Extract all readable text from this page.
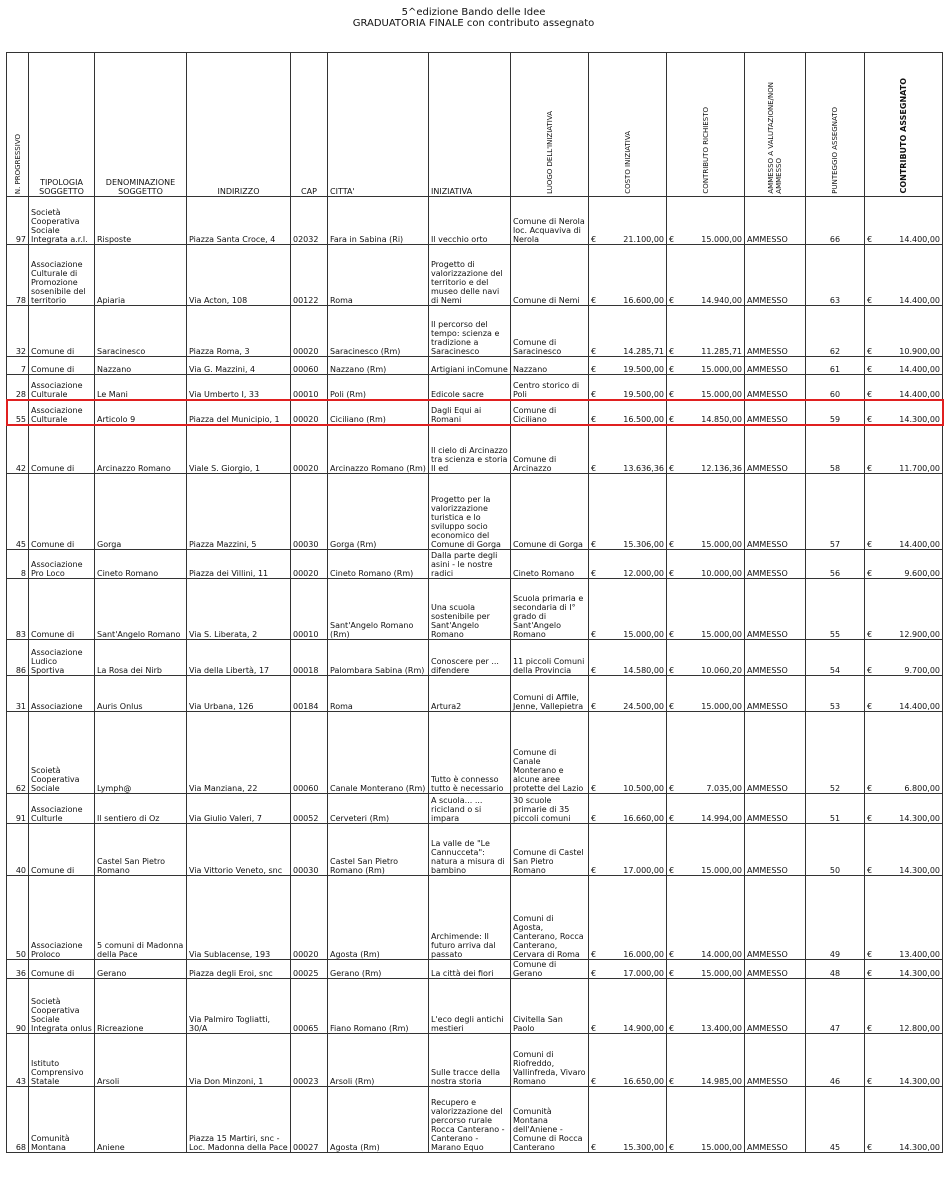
5^edizione Bando delle Idee
GRADUATORIA FINALE con contributo assegnato
N. PROGRESSIVO	TIPOLOGIA SOGGETTO	DENOMINAZIONE SOGGETTO	INDIRIZZO	CAP	CITTA'	INIZIATIVA	LUOGO DELL'INIZIATIVA	COSTO INIZIATIVA	CONTRIBUTO RICHIESTO	AMMESSO A VALUTAZIONE/NON AMMESSO	PUNTEGGIO ASSEGNATO	CONTRIBUTO ASSEGNATO

97	Società Cooperativa Sociale Integrata a.r.l.	Risposte	Piazza Santa Croce, 4	02032	Fara in Sabina (Ri)	Il vecchio orto	Comune di Nerola loc. Acquaviva di Nerola	€ 21.100,00	€ 15.000,00	AMMESSO	66	€ 14.400,00
78	Associazione Culturale di Promozione sosenibile del territorio	Apiaria	Via Acton, 108	00122	Roma	Progetto di valorizzazione del territorio e del museo delle navi di Nemi	Comune di Nemi	€ 16.600,00	€ 14.940,00	AMMESSO	63	€ 14.400,00
32	Comune di	Saracinesco	Piazza Roma, 3	00020	Saracinesco (Rm)	Il percorso del tempo: scienza e tradizione a Saracinesco	Comune di Saracinesco	€ 14.285,71	€ 11.285,71	AMMESSO	62	€ 10.900,00
7	Comune di	Nazzano	Via G. Mazzini, 4	00060	Nazzano (Rm)	Artigiani inComune	Nazzano	€ 19.500,00	€ 15.000,00	AMMESSO	61	€ 14.400,00
28	Associazione Culturale	Le Mani	Via Umberto I, 33	00010	Poli (Rm)	Edicole sacre	Centro storico di Poli	€ 19.500,00	€ 15.000,00	AMMESSO	60	€ 14.400,00
55	Associazione Culturale	Articolo 9	Piazza del Municipio, 1	00020	Ciciliano (Rm)	Dagli Equi ai Romani	Comune di Ciciliano	€ 16.500,00	€ 14.850,00	AMMESSO	59	€ 14.300,00
42	Comune di	Arcinazzo Romano	Viale S. Giorgio, 1	00020	Arcinazzo Romano (Rm)	Il cielo di Arcinazzo tra scienza e storia II ed	Comune di Arcinazzo	€ 13.636,36	€ 12.136,36	AMMESSO	58	€ 11.700,00
45	Comune di	Gorga	Piazza Mazzini, 5	00030	Gorga (Rm)	Progetto per la valorizzazione turistica e lo sviluppo socio economico del Comune di Gorga	Comune di Gorga	€ 15.306,00	€ 15.000,00	AMMESSO	57	€ 14.400,00
8	Associazione Pro Loco	Cineto Romano	Piazza dei Villini, 11	00020	Cineto Romano (Rm)	Dalla parte degli asini - le nostre radici	Cineto Romano	€ 12.000,00	€ 10.000,00	AMMESSO	56	€ 9.600,00
83	Comune di	Sant'Angelo Romano	Via S. Liberata, 2	00010	Sant'Angelo Romano (Rm)	Una scuola sostenibile per Sant'Angelo Romano	Scuola primaria e secondaria di I° grado di Sant'Angelo Romano	€ 15.000,00	€ 15.000,00	AMMESSO	55	€ 12.900,00
86	Associazione Ludico Sportiva	La Rosa dei Nirb	Via della Libertà, 17	00018	Palombara Sabina (Rm)	Conoscere per ... difendere	11 piccoli Comuni della Provincia	€ 14.580,00	€ 10.060,20	AMMESSO	54	€ 9.700,00
31	Associazione	Auris Onlus	Via Urbana, 126	00184	Roma	Artura2	Comuni di Affile, Jenne, Vallepietra	€ 24.500,00	€ 15.000,00	AMMESSO	53	€ 14.400,00
62	Scoietà Cooperativa Sociale	Lymph@	Via Manziana, 22	00060	Canale Monterano (Rm)	Tutto è connesso tutto è necessario	Comune di Canale Monterano e alcune aree protette del Lazio	€ 10.500,00	€ 7.035,00	AMMESSO	52	€ 6.800,00
91	Associazione Culturle	Il sentiero di Oz	Via Giulio Valeri, 7	00052	Cerveteri (Rm)	A scuola... ... ricicland o si impara	30 scuole primarie di 35 piccoli comuni	€ 16.660,00	€ 14.994,00	AMMESSO	51	€ 14.300,00
40	Comune di	Castel San Pietro Romano	Via Vittorio Veneto, snc	00030	Castel San Pietro Romano (Rm)	La valle de "Le Cannucceta": natura a misura di bambino	Comune di Castel San Pietro Romano	€ 17.000,00	€ 15.000,00	AMMESSO	50	€ 14.300,00
50	Associazione Proloco	5 comuni di Madonna della Pace	Via Sublacense, 193	00020	Agosta (Rm)	Archimende: Il futuro arriva dal passato	Comuni di Agosta, Canterano, Rocca Canterano, Cervara di Roma	€ 16.000,00	€ 14.000,00	AMMESSO	49	€ 13.400,00
36	Comune di	Gerano	Piazza degli Eroi, snc	00025	Gerano (Rm)	La città dei fiori	Comune di Gerano	€ 17.000,00	€ 15.000,00	AMMESSO	48	€ 14.300,00
90	Società Cooperativa Sociale Integrata onlus	Ricreazione	Via Palmiro Togliatti, 30/A	00065	Fiano Romano (Rm)	L'eco degli antichi mestieri	Civitella San Paolo	€ 14.900,00	€ 13.400,00	AMMESSO	47	€ 12.800,00
43	Istituto Comprensivo Statale	Arsoli	Via Don Minzoni, 1	00023	Arsoli (Rm)	Sulle tracce della nostra storia	Comuni di Riofreddo, Vallinfreda, Vivaro Romano	€ 16.650,00	€ 14.985,00	AMMESSO	46	€ 14.300,00
68	Comunità Montana	Aniene	Piazza 15 Martiri, snc - Loc. Madonna della Pace	00027	Agosta (Rm)	Recupero e valorizzazione del percorso rurale Rocca Canterano - Canterano - Marano Equo	Comunità Montana dell'Aniene - Comune di Rocca Canterano	€ 15.300,00	€ 15.000,00	AMMESSO	45	€ 14.300,00
